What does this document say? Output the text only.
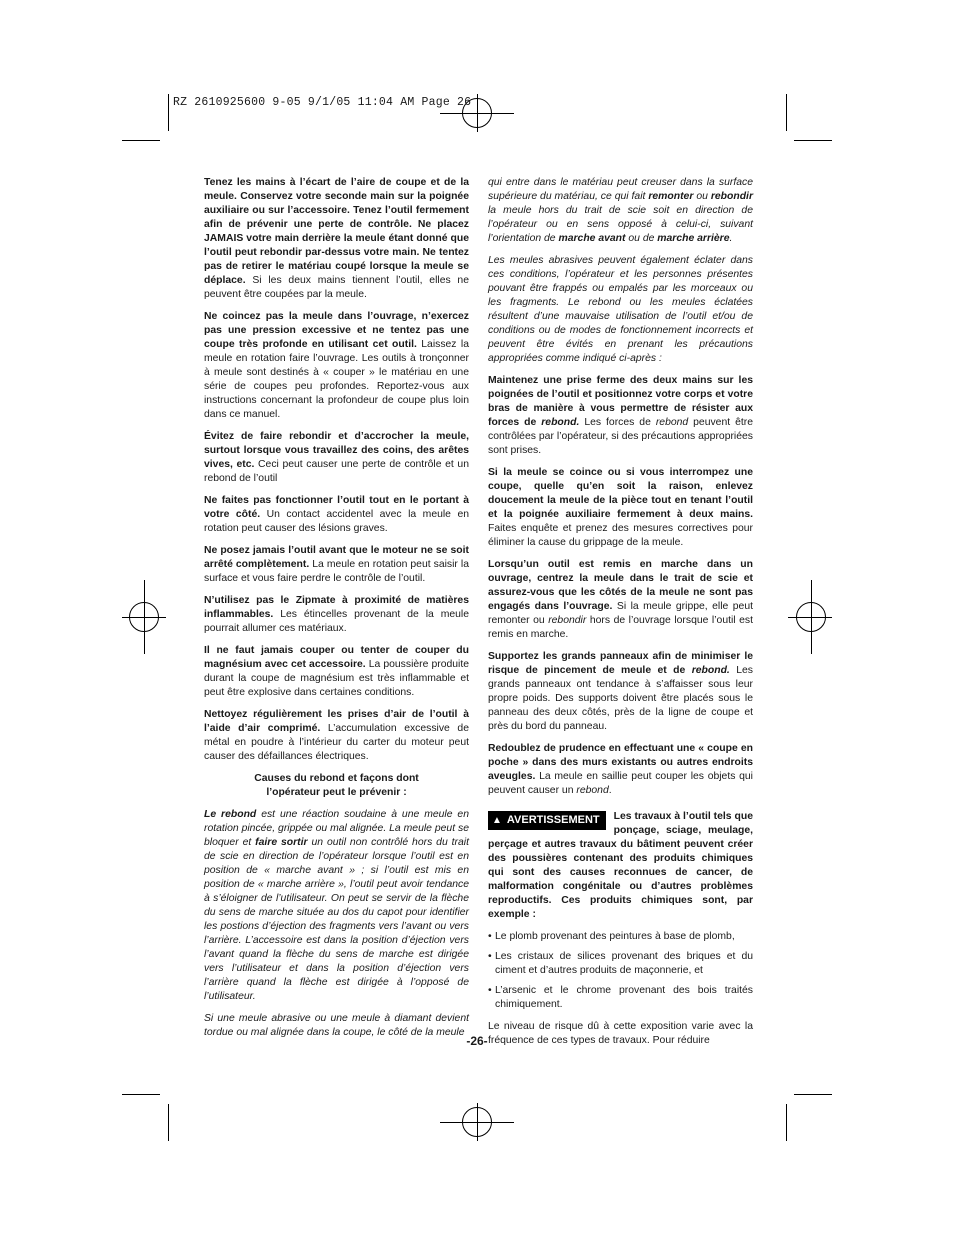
RZ 2610925600 9-05 9/1/05 11:04 AM Page 26

Tenez les mains à l’écart de l’aire de coupe et de la meule. Conservez votre seconde main sur la poignée auxiliaire ou sur l’accessoire. Tenez l’outil fermement afin de prévenir une perte de contrôle. Ne placez JAMAIS votre main derrière la meule étant donné que l’outil peut rebondir par-dessus votre main. Ne tentez pas de retirer le matériau coupé lorsque la meule se déplace. Si les deux mains tiennent l’outil, elles ne peuvent être coupées par la meule.

Ne coincez pas la meule dans l’ouvrage, n’exercez pas une pression excessive et ne tentez pas une coupe très profonde en utilisant cet outil. Laissez la meule en rotation faire l’ouvrage. Les outils à tronçonner à meule sont destinés à « couper » le matériau en une série de coupes peu profondes. Reportez-vous aux instructions concernant la profondeur de coupe plus loin dans ce manuel.

Évitez de faire rebondir et d’accrocher la meule, surtout lorsque vous travaillez des coins, des arêtes vives, etc. Ceci peut causer une perte de contrôle et un rebond de l’outil

Ne faites pas fonctionner l’outil tout en le portant à votre côté. Un contact accidentel avec la meule en rotation peut causer des lésions graves.

Ne posez jamais l’outil avant que le moteur ne se soit arrêté complètement. La meule en rotation peut saisir la surface et vous faire perdre le contrôle de l’outil.

N’utilisez pas le Zipmate à proximité de matières inflammables. Les étincelles provenant de la meule pourrait allumer ces matériaux.

Il ne faut jamais couper ou tenter de couper du magnésium avec cet accessoire. La poussière produite durant la coupe de magnésium est très inflammable et peut être explosive dans certaines conditions.

Nettoyez régulièrement les prises d’air de l’outil à l’aide d’air comprimé. L’accumulation excessive de métal en poudre à l’intérieur du carter du moteur peut causer des défaillances électriques.

Causes du rebond et façons dont
l’opérateur peut le prévenir :

Le rebond est une réaction soudaine à une meule en rotation pincée, grippée ou mal alignée. La meule peut se bloquer et faire sortir un outil non contrôlé hors du trait de scie en direction de l’opérateur lorsque l’outil est en position de « marche avant » ; si l’outil est mis en position de « marche arrière », l’outil peut avoir tendance à s’éloigner de l’utilisateur. On peut se servir de la flèche du sens de marche située au dos du capot pour identifier les postions d’éjection des fragments vers l’avant ou vers l’arrière. L’accessoire est dans la position d’éjection vers l’avant quand la flèche du sens de marche est dirigée vers l’utilisateur et dans la position d’éjection vers l’arrière quand la flèche est dirigée à l’opposé de l’utilisateur.

Si une meule abrasive ou une meule à diamant devient tordue ou mal alignée dans la coupe, le côté de la meule

qui entre dans le matériau peut creuser dans la surface supérieure du matériau, ce qui fait remonter ou rebondir la meule hors du trait de scie soit en direction de l’opérateur ou en sens opposé à celui-ci, suivant l’orientation de marche avant ou de marche arrière.

Les meules abrasives peuvent également éclater dans ces conditions, l’opérateur et les personnes présentes pouvant être frappés ou empalés par les morceaux ou les fragments. Le rebond ou les meules éclatées résultent d’une mauvaise utilisation de l’outil et/ou de conditions ou de modes de fonctionnement incorrects et peuvent être évités en prenant les précautions appropriées comme indiqué ci-après :

Maintenez une prise ferme des deux mains sur les poignées de l’outil et positionnez votre corps et votre bras de manière à vous permettre de résister aux forces de rebond. Les forces de rebond peuvent être contrôlées par l’opérateur, si des précautions appropriées sont prises.

Si la meule se coince ou si vous interrompez une coupe, quelle qu’en soit la raison, enlevez doucement la meule de la pièce tout en tenant l’outil et la poignée auxiliaire fermement à deux mains. Faites enquête et prenez des mesures correctives pour éliminer la cause du grippage de la meule.

Lorsqu’un outil est remis en marche dans un ouvrage, centrez la meule dans le trait de scie et assurez-vous que les côtés de la meule ne sont pas engagés dans l’ouvrage. Si la meule grippe, elle peut remonter ou rebondir hors de l’ouvrage lorsque l’outil est remis en marche.

Supportez les grands panneaux afin de minimiser le risque de pincement de meule et de rebond. Les grands panneaux ont tendance à s’affaisser sous leur propre poids. Des supports doivent être placés sous le panneau des deux côtés, près de la ligne de coupe et près du bord du panneau.

Redoublez de prudence en effectuant une « coupe en poche » dans des murs existants ou autres endroits aveugles. La meule en saillie peut couper les objets qui peuvent causer un rebond.

▲ AVERTISSEMENT	Les travaux à l’outil tels que ponçage, sciage, meulage, perçage et autres travaux du bâtiment peuvent créer des poussières contenant des produits chimiques qui sont des causes reconnues de cancer, de malformation congénitale ou d’autres problèmes reproductifs. Ces produits chimiques sont, par exemple :

• Le plomb provenant des peintures à base de plomb,
• Les cristaux de silices provenant des briques et du ciment et d’autres produits de maçonnerie, et
• L’arsenic et le chrome provenant des bois traités chimiquement.

Le niveau de risque dû à cette exposition varie avec la fréquence de ces types de travaux. Pour réduire

-26-
